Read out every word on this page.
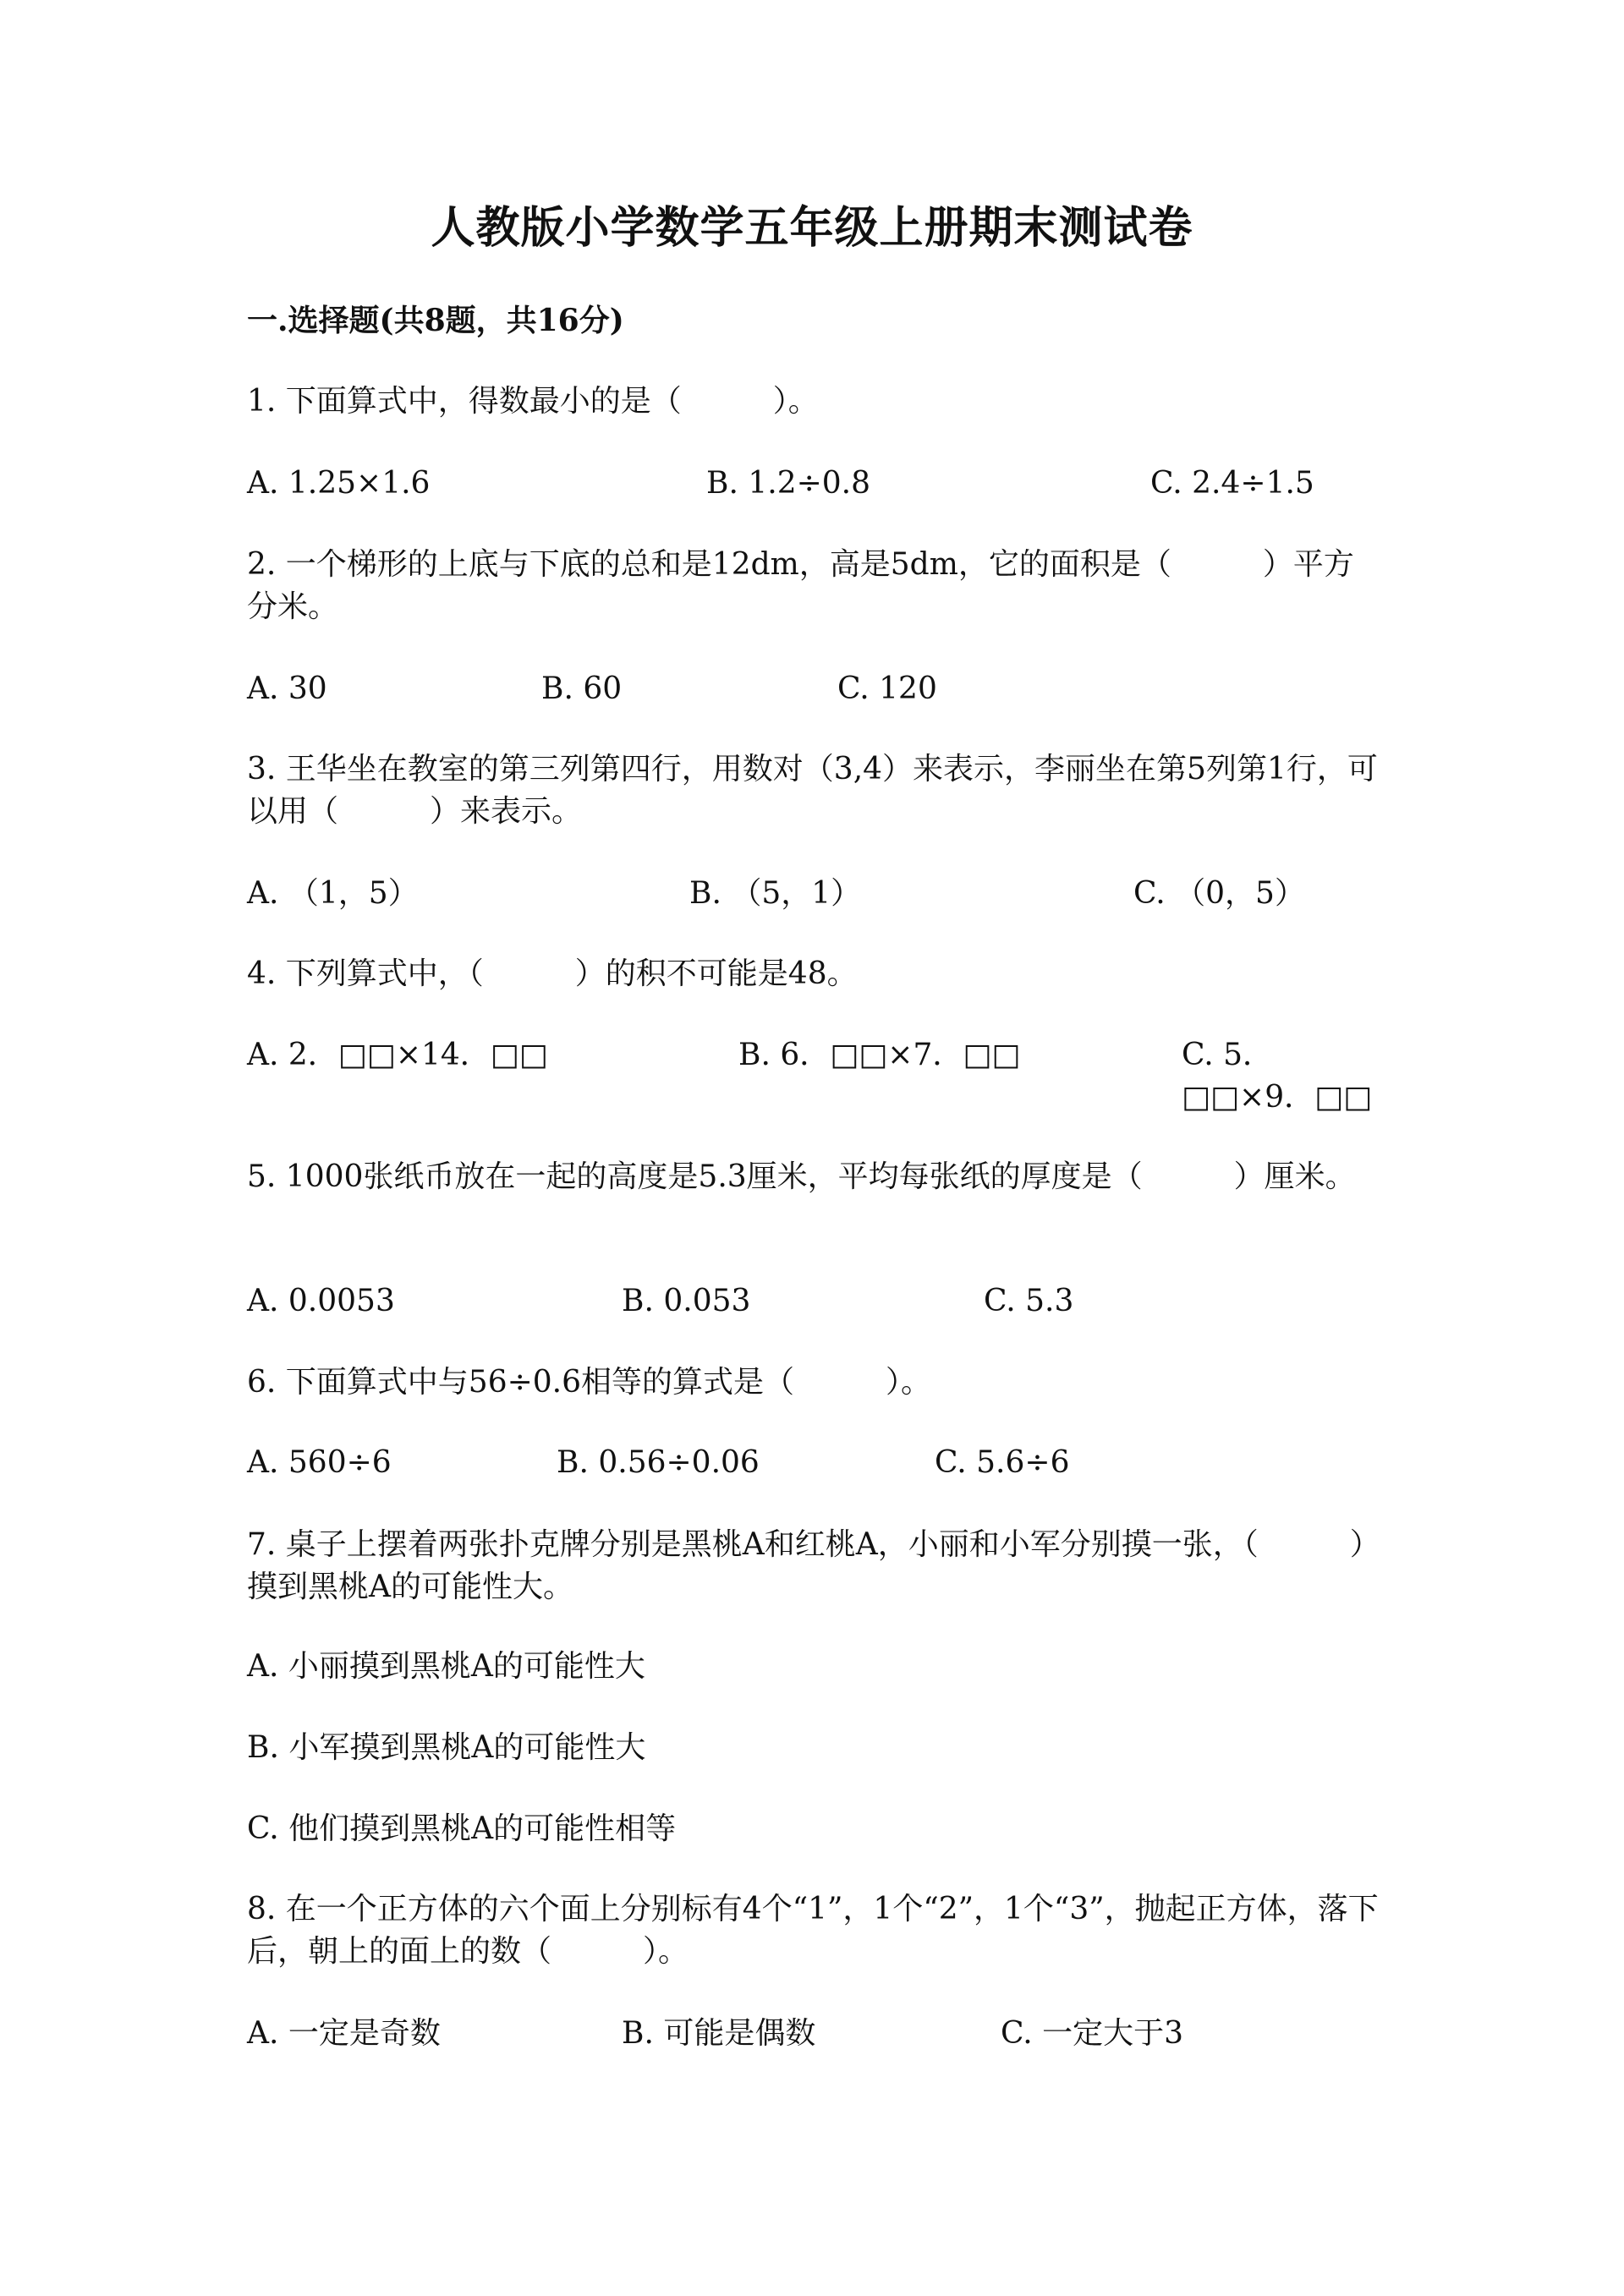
人教版小学数学五年级上册期末测试卷
一.选择题(共8题，共16分)
1. 下面算式中，得数最小的是（　　　）。
A. 1.25×1.6	B. 1.2÷0.8	C. 2.4÷1.5
2. 一个梯形的上底与下底的总和是12dm，高是5dm，它的面积是（　　　）平方分米。
A. 30	B. 60	C. 120
3. 王华坐在教室的第三列第四行，用数对（3,4）来表示，李丽坐在第5列第1行，可以用（　　　）来表示。
A. （1，5）	B. （5，1）	C. （0，5）
4. 下列算式中，（　　　）的积不可能是48。
A. 2．□□×14．□□	B. 6．□□×7．□□	C. 5．□□×9．□□
5. 1000张纸币放在一起的高度是5.3厘米，平均每张纸的厚度是（　　　）厘米。
A. 0.0053	B. 0.053	C. 5.3
6. 下面算式中与56÷0.6相等的算式是（　　　）。
A. 560÷6	B. 0.56÷0.06	C. 5.6÷6
7. 桌子上摆着两张扑克牌分别是黑桃A和红桃A，小丽和小军分别摸一张，（　　　）摸到黑桃A的可能性大。
A. 小丽摸到黑桃A的可能性大
B. 小军摸到黑桃A的可能性大
C. 他们摸到黑桃A的可能性相等
8. 在一个正方体的六个面上分别标有4个“1”，1个“2”，1个“3”，抛起正方体，落下后，朝上的面上的数（　　　）。
A. 一定是奇数	B. 可能是偶数	C. 一定大于3
